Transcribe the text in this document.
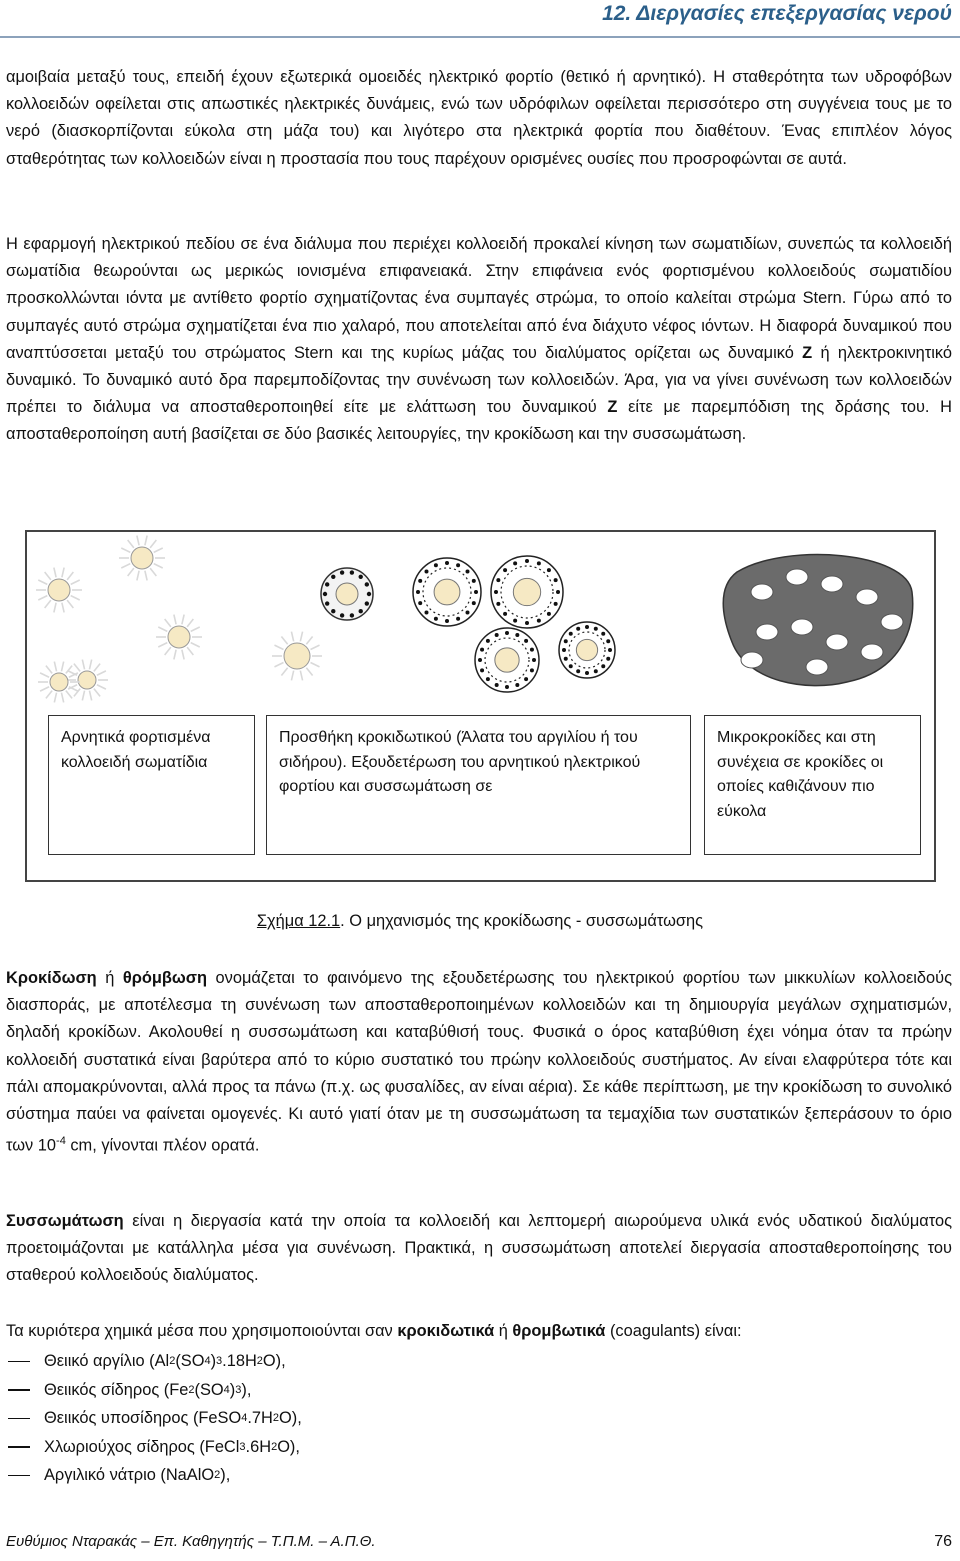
12. Διεργασίες επεξεργασίας νερού

αμοιβαία μεταξύ τους, επειδή έχουν εξωτερικά ομοειδές ηλεκτρικό φορτίο (θετικό ή αρνητικό). Η σταθερότητα των υδροφόβων κολλοειδών οφείλεται στις απωστικές ηλεκτρικές δυνάμεις, ενώ των υδρόφιλων οφείλεται περισσότερο στη συγγένεια τους με το νερό (διασκορπίζονται εύκολα στη μάζα του) και λιγότερο στα ηλεκτρικά φορτία που διαθέτουν. Ένας επιπλέον λόγος σταθερότητας των κολλοειδών είναι η προστασία που τους παρέχουν ορισμένες ουσίες που προσροφώνται σε αυτά.

Η εφαρμογή ηλεκτρικού πεδίου σε ένα διάλυμα που περιέχει κολλοειδή προκαλεί κίνηση των σωματιδίων, συνεπώς τα κολλοειδή σωματίδια θεωρούνται ως μερικώς ιονισμένα επιφανειακά. Στην επιφάνεια ενός φορτισμένου κολλοειδούς σωματιδίου προσκολλώνται ιόντα με αντίθετο φορτίο σχηματίζοντας ένα συμπαγές στρώμα, το οποίο καλείται στρώμα Stern. Γύρω από το συμπαγές αυτό στρώμα σχηματίζεται ένα πιο χαλαρό, που αποτελείται από ένα διάχυτο νέφος ιόντων. Η διαφορά δυναμικού που αναπτύσσεται μεταξύ του στρώματος Stern και της κυρίως μάζας του διαλύματος ορίζεται ως δυναμικό Z ή ηλεκτροκινητικό δυναμικό. Το δυναμικό αυτό δρα παρεμποδίζοντας την συνένωση των κολλοειδών. Άρα, για να γίνει συνένωση των κολλοειδών πρέπει το διάλυμα να αποσταθεροποιηθεί είτε με ελάττωση του δυναμικού Z είτε με παρεμπόδιση της δράσης του. Η αποσταθεροποίηση αυτή βασίζεται σε δύο βασικές λειτουργίες, την κροκίδωση και την συσσωμάτωση.

Αρνητικά φορτισμένα κολλοειδή σωματίδια
Προσθήκη κροκιδωτικού (Άλατα του αργιλίου ή του σιδήρου). Εξουδετέρωση του αρνητικού ηλεκτρικού φορτίου και συσσωμάτωση σε
Μικροκροκίδες και στη συνέχεια σε κροκίδες οι οποίες καθιζάνουν πιο εύκολα
Σχήμα 12.1. Ο μηχανισμός της κροκίδωσης - συσσωμάτωσης

Κροκίδωση ή θρόμβωση ονομάζεται το φαινόμενο της εξουδετέρωσης του ηλεκτρικού φορτίου των μικκυλίων κολλοειδούς διασποράς, με αποτέλεσμα τη συνένωση των αποσταθεροποιημένων κολλοειδών και τη δημιουργία μεγάλων σχηματισμών, δηλαδή κροκίδων. Ακολουθεί η συσσωμάτωση και καταβύθισή τους. Φυσικά ο όρος καταβύθιση έχει νόημα όταν τα πρώην κολλοειδή συστατικά είναι βαρύτερα από το κύριο συστατικό του πρώην κολλοειδούς συστήματος. Αν είναι ελαφρύτερα τότε και πάλι απομακρύνονται, αλλά προς τα πάνω (π.χ. ως φυσαλίδες, αν είναι αέρια). Σε κάθε περίπτωση, με την κροκίδωση το συνολικό σύστημα παύει να φαίνεται ομογενές. Κι αυτό γιατί όταν με τη συσσωμάτωση τα τεμαχίδια των συστατικών ξεπεράσουν το όριο των $10^{-4}$ cm, γίνονται πλέον ορατά.

Συσσωμάτωση είναι η διεργασία κατά την οποία τα κολλοειδή και λεπτομερή αιωρούμενα υλικά ενός υδατικού διαλύματος προετοιμάζονται με κατάλληλα μέσα για συνένωση. Πρακτικά, η συσσωμάτωση αποτελεί διεργασία αποσταθεροποίησης του σταθερού κολλοειδούς διαλύματος.

Τα κυριότερα χημικά μέσα που χρησιμοποιούνται σαν κροκιδωτικά ή θρομβωτικά (coagulants) είναι:

Θειικό αργίλιο (Al 2 (SO 4 ) 3 .18H 2 O),
Θειικός σίδηρος (Fe 2 (SO 4 ) 3 ),
Θειικός υποσίδηρος (FeSO 4 .7H 2 O),
Χλωριούχος σίδηρος (FeCl 3 .6H 2 O),
Αργιλικό νάτριο (NaAlO 2 ),
Ευθύμιος Νταρακάς – Επ. Καθηγητής – Τ.Π.Μ. – Α.Π.Θ.	76
